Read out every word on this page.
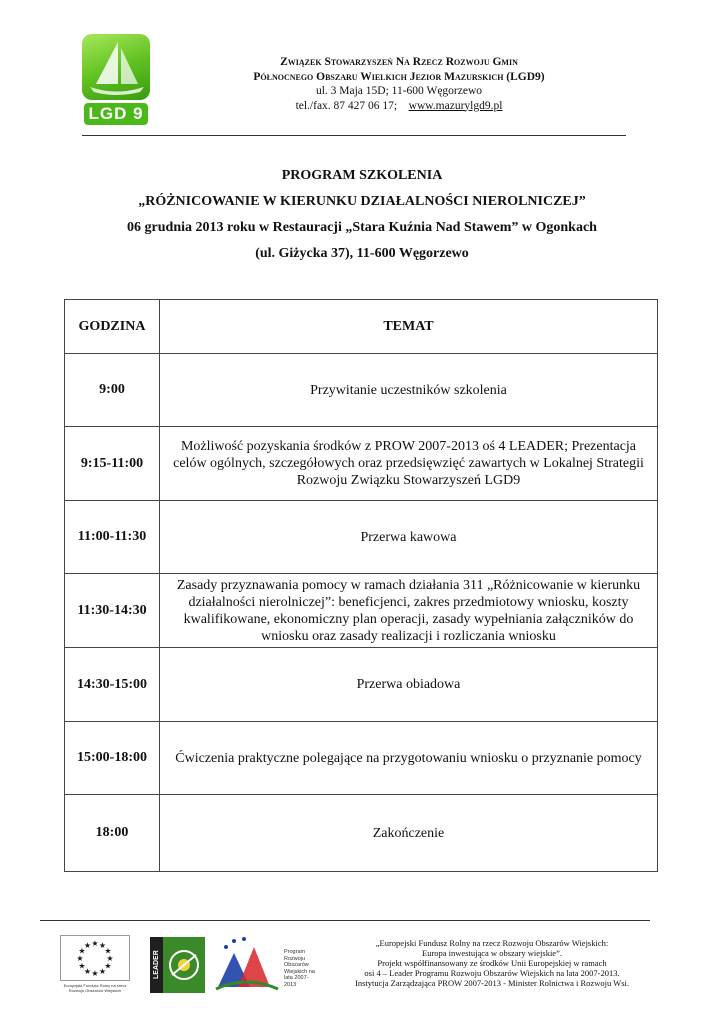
LGD 9
Związek Stowarzyszeń Na Rzecz Rozwoju Gmin
Północnego Obszaru Wielkich Jezior Mazurskich (LGD9)
ul. 3 Maja 15D; 11-600 Węgorzewo
tel./fax. 87 427 06 17; www.mazurylgd9.pl
PROGRAM SZKOLENIA
„RÓŻNICOWANIE W KIERUNKU DZIAŁALNOŚCI NIEROLNICZEJ”
06 grudnia 2013 roku w Restauracji „Stara Kuźnia Nad Stawem” w Ogonkach
(ul. Giżycka 37), 11-600 Węgorzewo
GODZINA	TEMAT
9:00	Przywitanie uczestników szkolenia
9:15-11:00	Możliwość pozyskania środków z PROW 2007-2013 oś 4 LEADER; Prezentacja celów ogólnych, szczegółowych oraz przedsięwzięć zawartych w Lokalnej Strategii Rozwoju Związku Stowarzyszeń LGD9
11:00-11:30	Przerwa kawowa
11:30-14:30	Zasady przyznawania pomocy w ramach działania 311 „Różnicowanie w kierunku działalności nierolniczej”: beneficjenci, zakres przedmiotowy wniosku, koszty kwalifikowane, ekonomiczny plan operacji, zasady wypełniania załączników do wniosku oraz zasady realizacji i rozliczania wniosku
14:30-15:00	Przerwa obiadowa
15:00-18:00	Ćwiczenia praktyczne polegające na przygotowaniu wniosku o przyznanie pomocy
18:00	Zakończenie
★
★
★
★
★
★
★
★
★ ★ ★
★
Europejski Fundusz Rolny na rzecz Rozwoju Obszarów Wiejskich
LEADER	Program Rozwoju Obszarów Wiejskich na lata 2007-2013
„Europejski Fundusz Rolny na rzecz Rozwoju Obszarów Wiejskich:
Europa inwestująca w obszary wiejskie”.
Projekt współfinansowany ze środków Unii Europejskiej w ramach
osi 4 – Leader Programu Rozwoju Obszarów Wiejskich na lata 2007-2013.
Instytucja Zarządzająca PROW 2007-2013 - Minister Rolnictwa i Rozwoju Wsi.
